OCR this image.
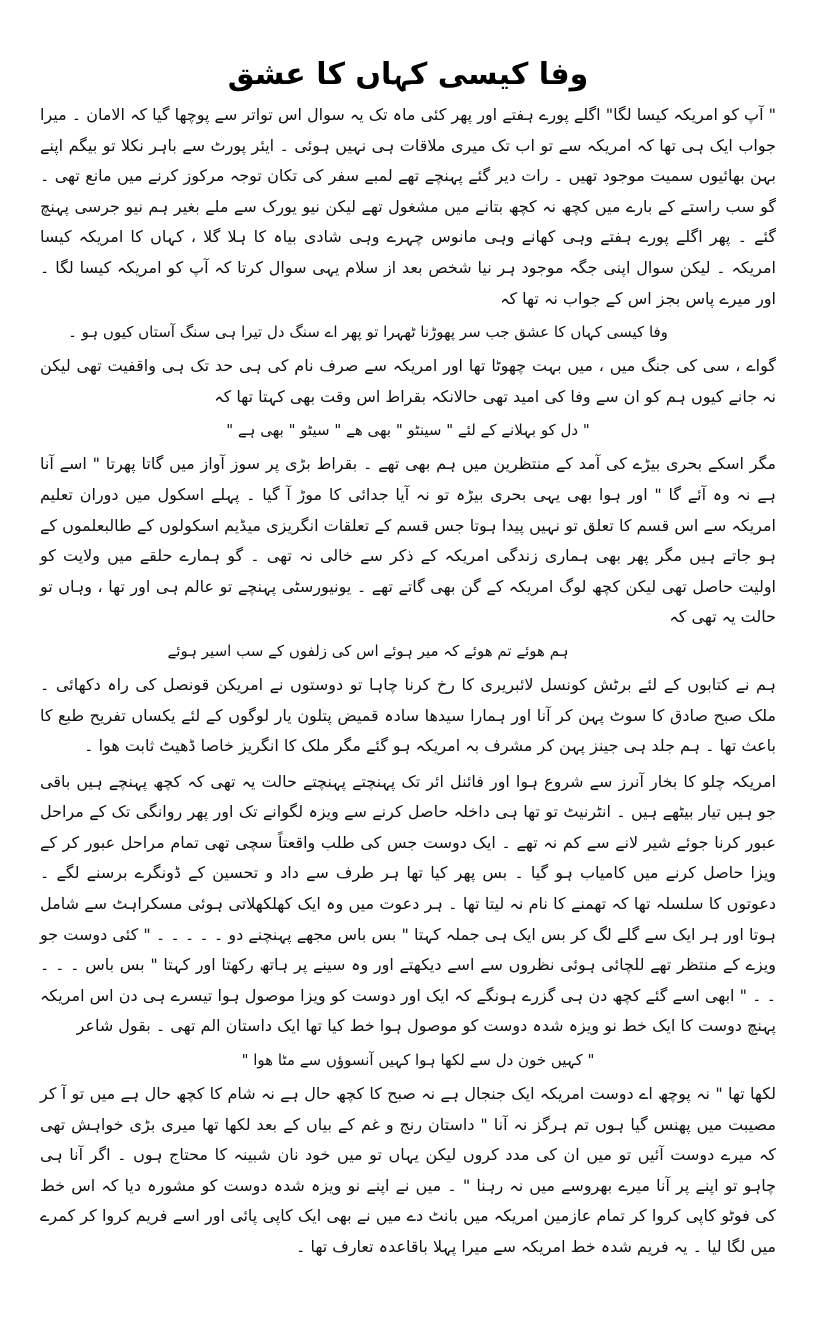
وفا کیسی کہاں کا عشق

" آپ کو امریکہ کیسا لگا" اگلے پورے ہفتے اور پھر کئی ماہ تک یہ سوال اس تواتر سے پوچھا گیا کہ الامان ۔ میرا جواب ایک ہی تھا کہ امریکہ سے تو اب تک میری ملاقات ہی نہیں ہوئی ۔ ایئر پورٹ سے باہر نکلا تو بیگم اپنے بہن بھائیوں سمیت موجود تھیں ۔ رات دیر گئے پہنچے تھے لمبے سفر کی تکان توجہ مرکوز کرنے میں مانع تھی ۔ گو سب راستے کے بارے میں کچھ نہ کچھ بتانے میں مشغول تھے لیکن نیو یورک سے ملے بغیر ہم نیو جرسی پہنچ گئے ۔ پھر اگلے پورے ہفتے وہی کھانے وہی مانوس چہرے وہی شادی بیاہ کا ہلا گلا ، کہاں کا امریکہ کیسا امریکہ ۔ لیکن سوال اپنی جگہ موجود ہر نیا شخص بعد از سلام یہی سوال کرتا کہ آپ کو امریکہ کیسا لگا ۔ اور میرے پاس بجز اس کے جواب نہ تھا کہ

وفا کیسی کہاں کا عشق جب سر پھوڑنا ٹھہرا تو پھر اے سنگ دل تیرا ہی سنگ آستاں کیوں ہو ۔

گواے ، سی کی جنگ میں ، میں بہت چھوٹا تھا اور امریکہ سے صرف نام کی ہی حد تک ہی واقفیت تھی لیکن نہ جانے کیوں ہم کو ان سے وفا کی امید تھی حالانکہ بقراط اس وقت بھی کہتا تھا کہ

" دل کو بہلانے کے لئے " سینٹو " بھی ھے " سیٹو " بھی ہے "

مگر اسکے بحری بیڑے کی آمد کے منتظرین میں ہم بھی تھے ۔ بقراط بڑی پر سوز آواز میں گاتا پھرتا " اسے آنا ہے نہ وہ آئے گا " اور ہوا بھی یہی بحری بیڑہ تو نہ آیا جدائی کا موڑ آ گیا ۔ پہلے اسکول میں دوران تعلیم امریکہ سے اس قسم کا تعلق تو نہیں پیدا ہوتا جس قسم کے تعلقات انگریزی میڈیم اسکولوں کے طالبعلموں کے ہو جاتے ہیں مگر پھر بھی ہماری زندگی امریکہ کے ذکر سے خالی نہ تھی ۔ گو ہمارے حلقے میں ولایت کو اولیت حاصل تھی لیکن کچھ لوگ امریکہ کے گن بھی گاتے تھے ۔ یونیورسٹی پہنچے تو عالم ہی اور تھا ، وہاں تو حالت یہ تھی کہ

ہم ھوئے تم ھوئے کہ میر ہوئے اس کی زلفوں کے سب اسیر ہوئے

ہم نے کتابوں کے لئے برٹش کونسل لائبریری کا رخ کرنا چاہا تو دوستوں نے امریکن قونصل کی راہ دکھائی ۔ ملک صبح صادق کا سوٹ پہن کر آنا اور ہمارا سیدھا سادہ قمیض پتلون یار لوگوں کے لئے یکساں تفریح طبع کا باعث تھا ۔ ہم جلد ہی جینز پہن کر مشرف بہ امریکہ ہو گئے مگر ملک کا انگریز خاصا ڈھیٹ ثابت ھوا ۔

امریکہ چلو کا بخار آنرز سے شروع ہوا اور فائنل ائر تک پہنچتے پہنچتے حالت یہ تھی کہ کچھ پہنچے ہیں باقی جو ہیں تیار بیٹھے ہیں ۔ انٹرنیٹ تو تھا ہی داخلہ حاصل کرنے سے ویزہ لگوانے تک اور پھر روانگی تک کے مراحل عبور کرنا جوئے شیر لانے سے کم نہ تھے ۔ ایک دوست جس کی طلب واقعتاً سچی تھی تمام مراحل عبور کر کے ویزا حاصل کرنے میں کامیاب ہو گیا ۔ بس پھر کیا تھا ہر طرف سے داد و تحسین کے ڈونگرے برسنے لگے ۔ دعوتوں کا سلسلہ تھا کہ تھمنے کا نام نہ لیتا تھا ۔ ہر دعوت میں وہ ایک کھلکھلاتی ہوئی مسکراہٹ سے شامل ہوتا اور ہر ایک سے گلے لگ کر بس ایک ہی جملہ کہتا " بس باس مجھے پہنچنے دو ۔ ۔ ۔ ۔ ۔ " کئی دوست جو ویزے کے منتظر تھے للچائی ہوئی نظروں سے اسے دیکھتے اور وہ سینے پر ہاتھ رکھتا اور کہتا " بس باس ۔ ۔ ۔ ۔ ۔ " ابھی اسے گئے کچھ دن ہی گزرے ہونگے کہ ایک اور دوست کو ویزا موصول ہوا تیسرے ہی دن اس امریکہ پہنچ دوست کا ایک خط نو ویزہ شدہ دوست کو موصول ہوا خط کیا تھا ایک داستان الم تھی ۔ بقول شاعر

" کہیں خون دل سے لکھا ہوا کہیں آنسوؤں سے مٹا ھوا "

لکھا تھا " نہ پوچھ اے دوست امریکہ ایک جنجال ہے نہ صبح کا کچھ حال ہے نہ شام کا کچھ حال ہے میں تو آ کر مصیبت میں پھنس گیا ہوں تم ہرگز نہ آنا " داستان رنج و غم کے بیاں کے بعد لکھا تھا میری بڑی خواہش تھی کہ میرے دوست آئیں تو میں ان کی مدد کروں لیکن یہاں تو میں خود نان شبینہ کا محتاج ہوں ۔ اگر آنا ہی چاہو تو اپنے پر آنا میرے بھروسے میں نہ رہنا " ۔ میں نے اپنے نو ویزہ شدہ دوست کو مشورہ دیا کہ اس خط کی فوٹو کاپی کروا کر تمام عازمین امریکہ میں بانٹ دے میں نے بھی ایک کاپی پائی اور اسے فریم کروا کر کمرے میں لگا لیا ۔ یہ فریم شدہ خط امریکہ سے میرا پہلا باقاعدہ تعارف تھا ۔
